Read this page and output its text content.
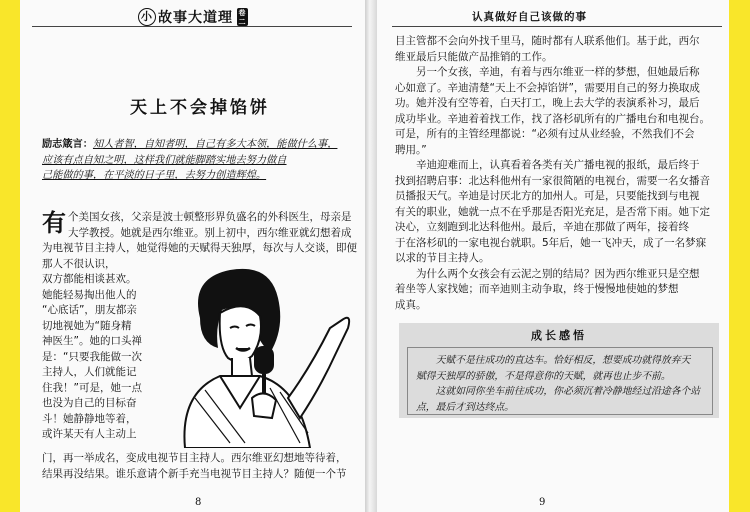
小 故事大道理 卷二
天上不会掉馅饼
励志箴言：知人者智，自知者明，自己有多大本领，能做什么事，
应该有点自知之明，这样我们就能脚踏实地去努力做自
己能做的事，在平淡的日子里，去努力创造辉煌。
有 个美国女孩，父亲是波士顿整形界负盛名的外科医生，母亲是大学教授。她就是西尔维亚。别上初中，西尔维亚就幻想着成为电视节目主持人，她觉得她的天赋得天独厚，每次与人交谈，即便那人不很认识，
双方都能相谈甚欢。
她能轻易掏出他人的
“心底话”，朋友都亲
切地视她为“随身精
神医生”。她的口头禅
是：“只要我能做一次
主持人，人们就能记
住我！”可是，她一点
也没为自己的目标奋
斗！她静静地等着，
或许某天有人主动上
门，再一举成名，变成电视节目主持人。西尔维亚幻想地等待着，
结果再没结果。谁乐意请个新手充当电视节目主持人？随便一个节
8
认真做好自己该做的事
目主管都不会向外找千里马，随时都有人联系他们。基于此，西尔
维亚最后只能做产品推销的工作。
　　另一个女孩，辛迪，有着与西尔维亚一样的梦想，但她最后称
心如意了。辛迪清楚“天上不会掉馅饼”，需要用自己的努力换取成
功。她并没有空等着，白天打工，晚上去大学的表演系补习，最后
成功毕业。辛迪着着找工作，找了洛杉矶所有的广播电台和电视台。
可是，所有的主管经理都说：“必须有过从业经验，不然我们不会
聘用。”
　　辛迪迎难而上，认真看着各类有关广播电视的报纸，最后终于
找到招聘启事：北达科他州有一家很简陋的电视台，需要一名女播音
员播报天气。辛迪是讨厌北方的加州人。可是，只要能找到与电视
有关的职业，她就一点不在乎那是否阳光充足，是否常下雨。她下定
决心，立刻跑到北达科他州。最后，辛迪在那做了两年，接着终
于在洛杉矶的一家电视台就职。5年后，她一飞冲天，成了一名梦寐
以求的节目主持人。
　　为什么两个女孩会有云泥之别的结局？因为西尔维亚只是空想
着坐等人家找她；而辛迪则主动争取，终于慢慢地使她的梦想
成真。
成长感悟
　　天赋不是往成功的直达车。恰好相反，想要成功就得放弃天
赋得天独厚的骄傲，不是得意你的天赋，就再也止步不前。
　　这就如同你坐车前往成功，你必须沉着冷静地经过沿途各个站
点，最后才到达终点。
9
